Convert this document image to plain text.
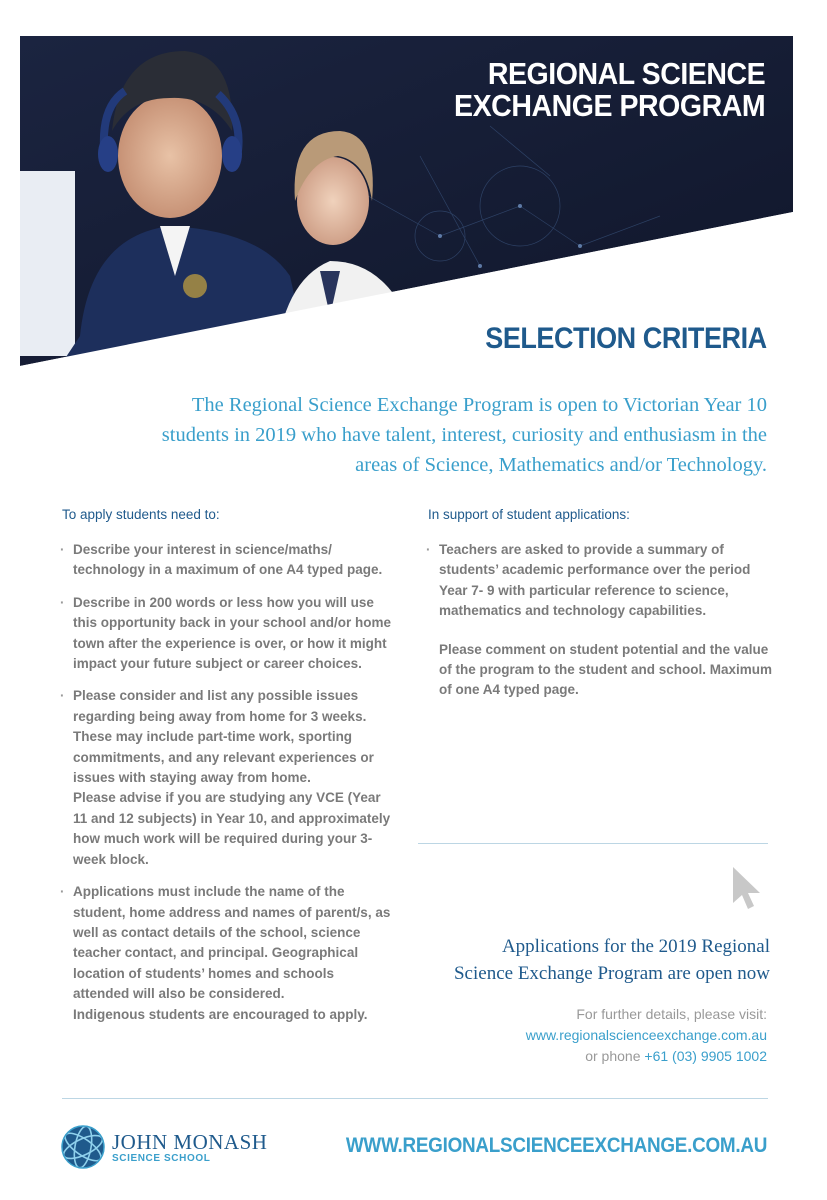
REGIONAL SCIENCE
EXCHANGE PROGRAM
SELECTION CRITERIA
The Regional Science Exchange Program is open to Victorian Year 10 students in 2019 who have talent, interest, curiosity and enthusiasm in the areas of Science, Mathematics and/or Technology.
To apply students need to:
· Describe your interest in science/maths/ technology in a maximum of one A4 typed page.
· Describe in 200 words or less how you will use this opportunity back in your school and/or home town after the experience is over, or how it might impact your future subject or career choices.
· Please consider and list any possible issues regarding being away from home for 3 weeks. These may include part-time work, sporting commitments, and any relevant experiences or issues with staying away from home.
Please advise if you are studying any VCE (Year 11 and 12 subjects) in Year 10, and approximately how much work will be required during your 3-week block.
· Applications must include the name of the student, home address and names of parent/s, as well as contact details of the school, science teacher contact, and principal. Geographical location of students’ homes and schools attended will also be considered.
Indigenous students are encouraged to apply.
In support of student applications:
· Teachers are asked to provide a summary of students’ academic performance over the period Year 7- 9 with particular reference to science, mathematics and technology capabilities.
Please comment on student potential and the value of the program to the student and school. Maximum of one A4 typed page.
Applications for the 2019 Regional
Science Exchange Program are open now
For further details, please visit:
www.regionalscienceexchange.com.au
or phone +61 (03) 9905 1002
JOHN MONASH
SCIENCE SCHOOL
WWW.REGIONALSCIENCEEXCHANGE.COM.AU
